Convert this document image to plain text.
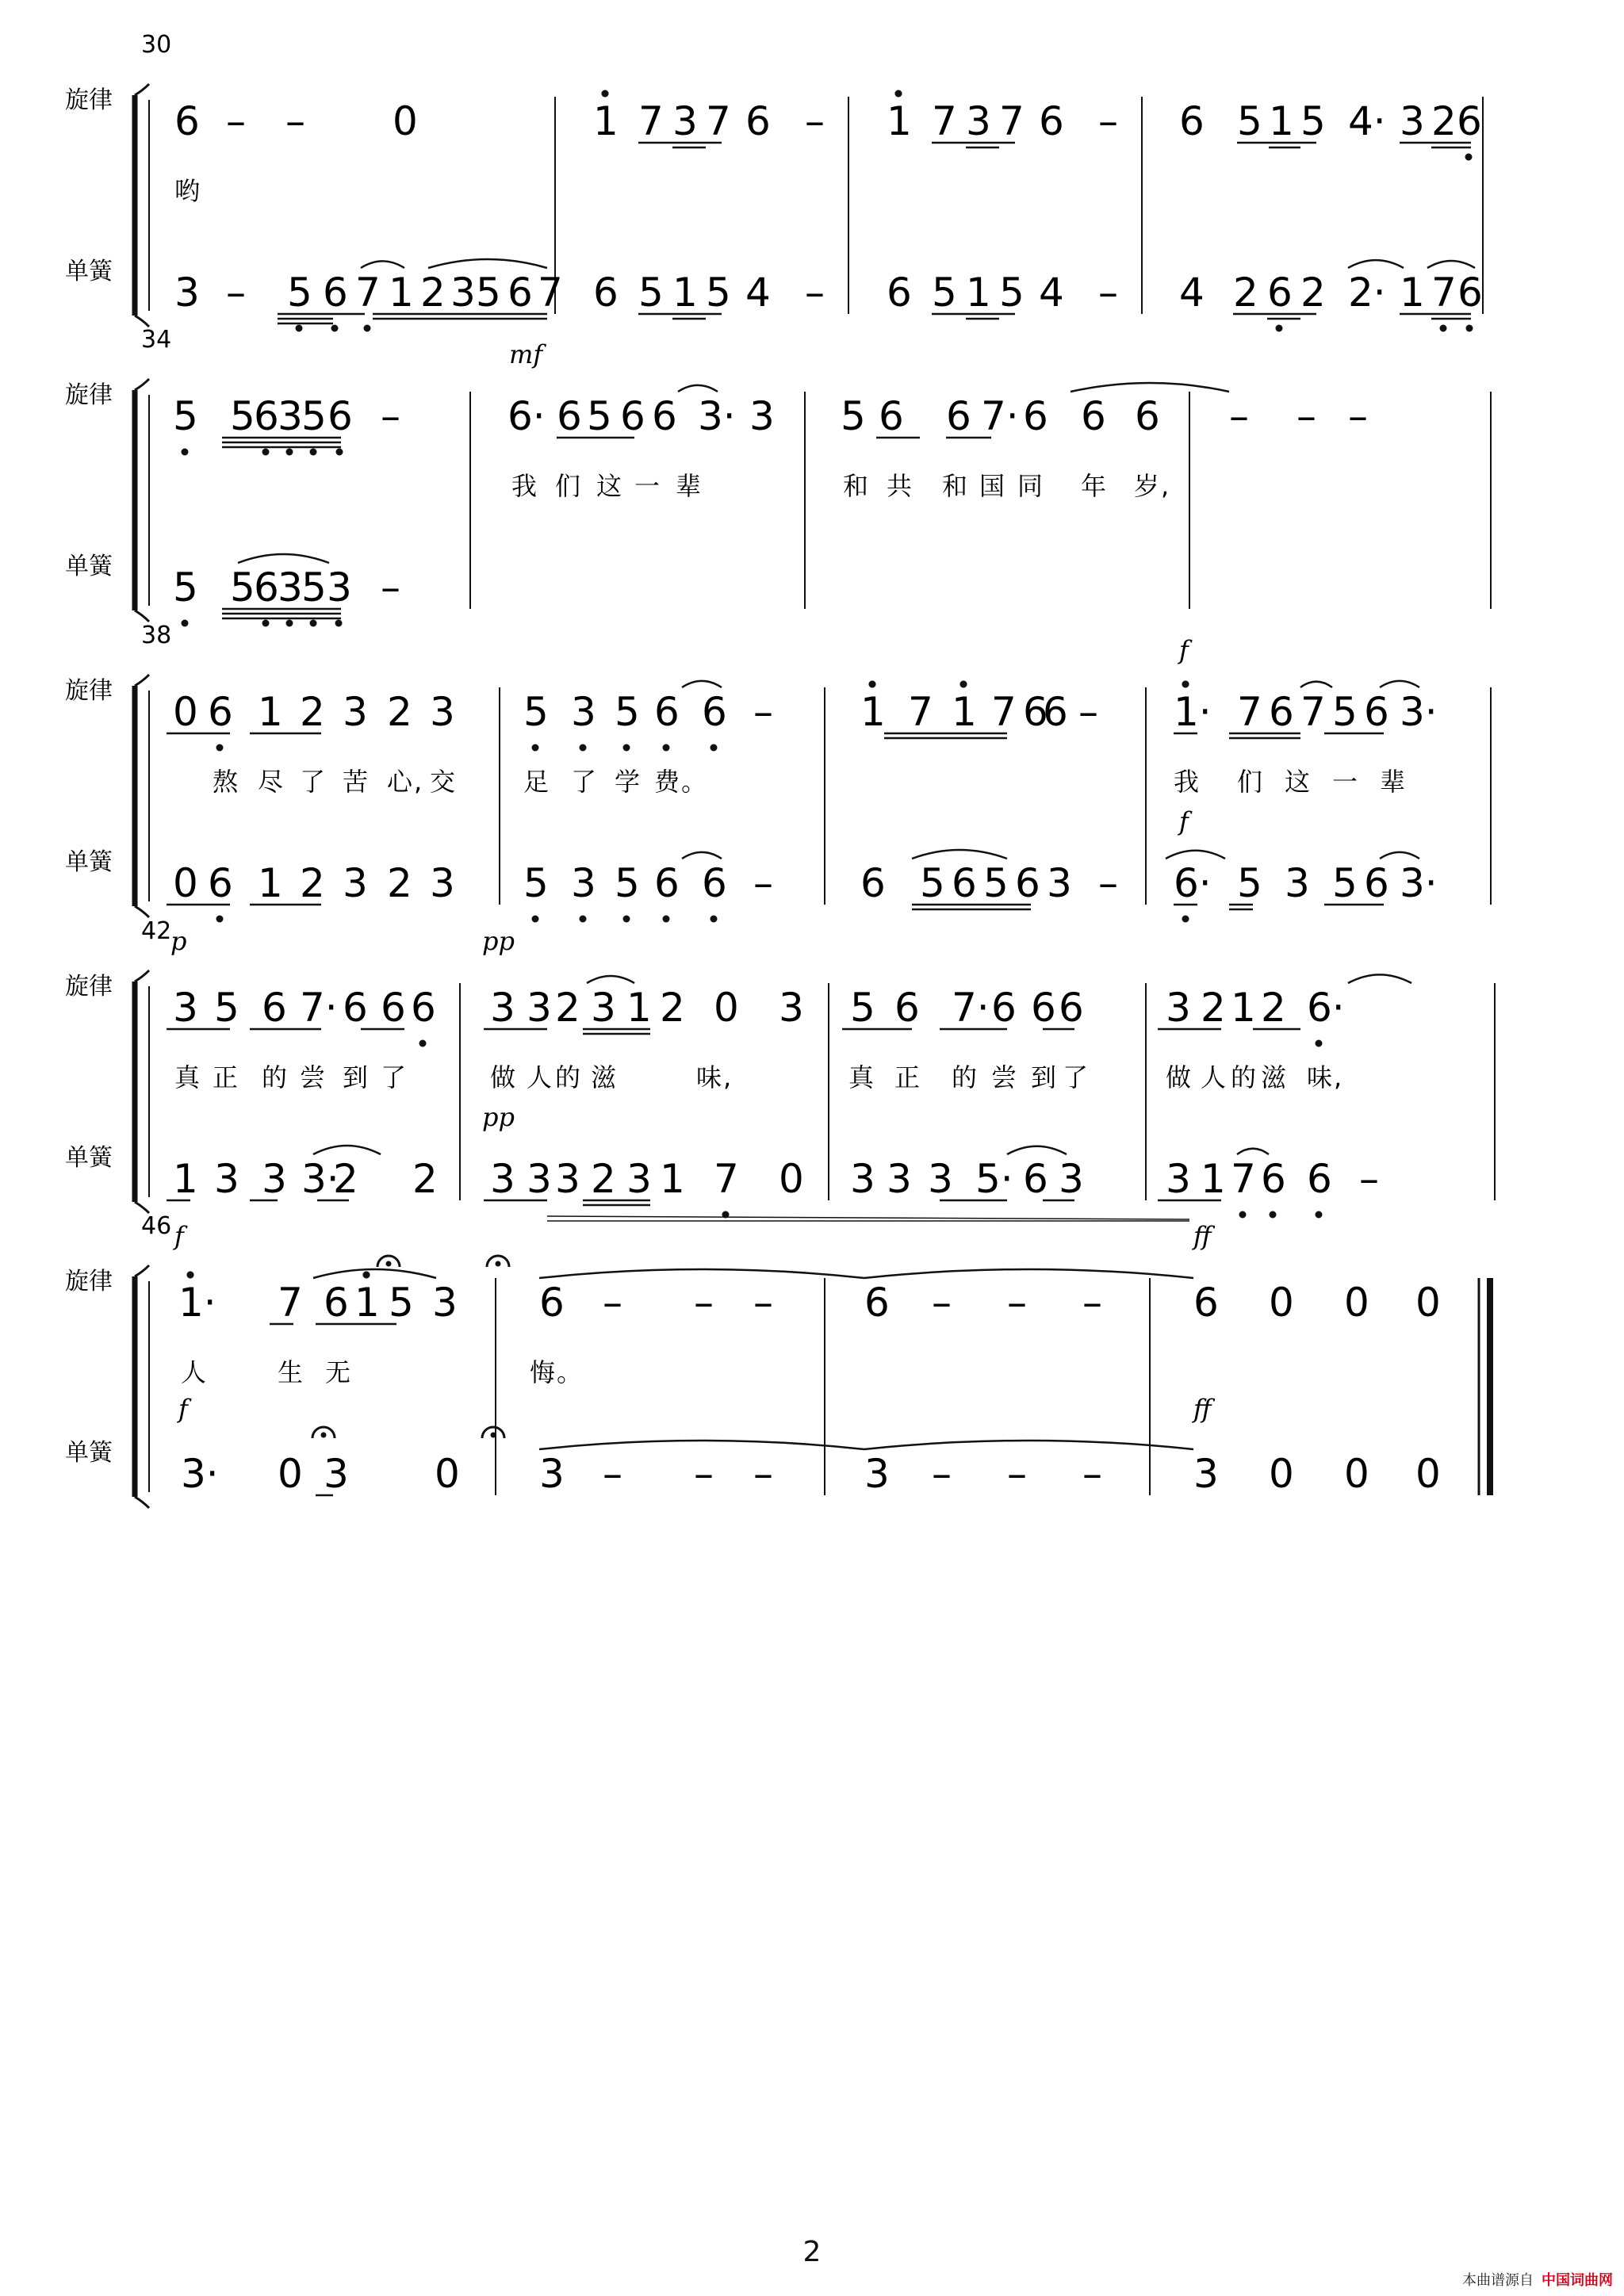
30
旋律
单簧
6 – – 0	1 7 3 7 6 – 1 7 3 7 6 – 6 5 1 5 4· 3 2 6
3 – 5 6 7 1 2 3 5 6 7 6 5 1 5 4 – 6 5 1 5 4 – 4 2 6 2 2· 1 7 6
哟
34
旋律
单簧
5 5
6
3
5 6 –	6· 6 5 6 6 3· 3 5 6 6 7· 6 6 6 – – –
5 5
6
3
5 3 –
我 们 这 一 辈	和 共 和 国 同 年 岁,
mf
38
旋律
单簧
0 6 1 2 3 2 3 5 3 5 6 6 – 1 7 1 7 6
6 – 1· 7 6 7 5 6 3·
0 6 1 2 3 2 3 5 3 5 6 6 – 6 5 6 5 6 3 – 6· 5 3 5 6 3·
熬 尽 了 苦 心, 交	足 了 学 费。	我 们 这 一 辈
f
f
42
旋律
单簧
3 5 6 7· 6 6 6 3 3 2 3 1 2 0 3 5 6 7· 6 6 6 3 2 1 2 6·
1 3 3 3·
2 2 3 3 3 2 3 1 7 0 3 3 3 5· 6 3 3 1 7 6 6 –
真 正 的 尝 到 了	做 人 的 滋	味,	真 正 的 尝 到 了	做 人 的 滋 味,
p	pp
pp
46
旋律
单簧
1· 7 6 1 5 3 6 – – – 6 – – – 6 0 0 0
3· 0 3 0 3 – – – 3 – – – 3 0 0 0
人	生 无	悔。
f	ff
f	ff
2
本曲谱源自 中国词曲网
